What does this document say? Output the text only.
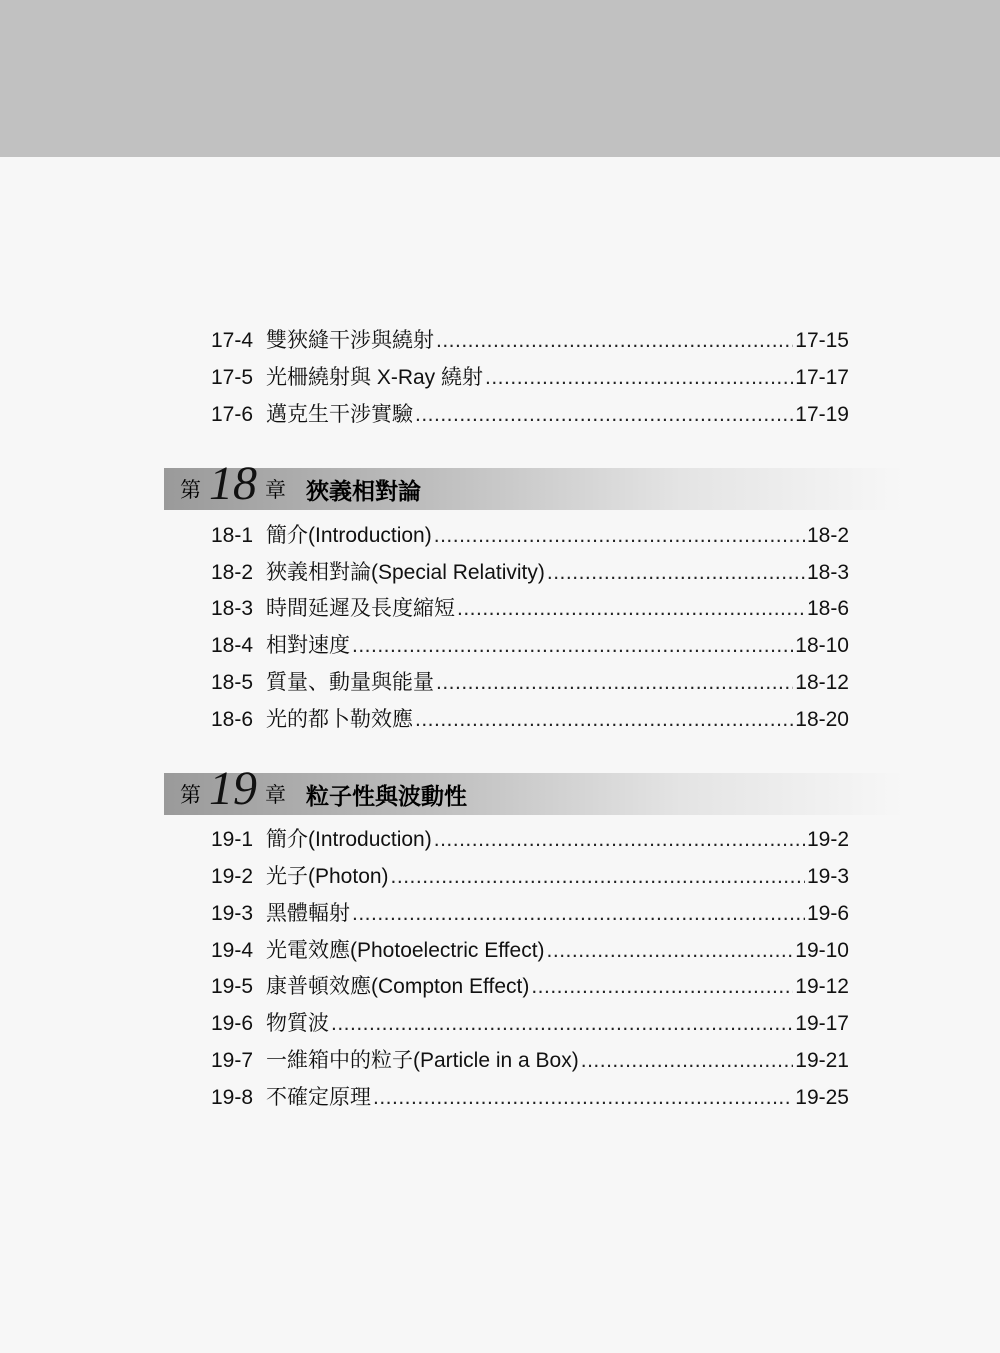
17-4 雙狹縫干涉與繞射 .....	17-15
17-5 光柵繞射與 X-Ray 繞射 .....	17-17
17-6 邁克生干涉實驗 .....	17-19
第 18 章 狹義相對論
18-1 簡介(Introduction) .....	18-2
18-2 狹義相對論(Special Relativity) .....	18-3
18-3 時間延遲及長度縮短 .....	18-6
18-4 相對速度 .....	18-10
18-5 質量、動量與能量 .....	18-12
18-6 光的都卜勒效應 .....	18-20
第 19 章 粒子性與波動性
19-1 簡介(Introduction) .....	19-2
19-2 光子(Photon) .....	19-3
19-3 黑體輻射 .....	19-6
19-4 光電效應(Photoelectric Effect) .....	19-10
19-5 康普頓效應(Compton Effect) .....	19-12
19-6 物質波 .....	19-17
19-7 一維箱中的粒子(Particle in a Box) .....	19-21
19-8 不確定原理 .....	19-25
